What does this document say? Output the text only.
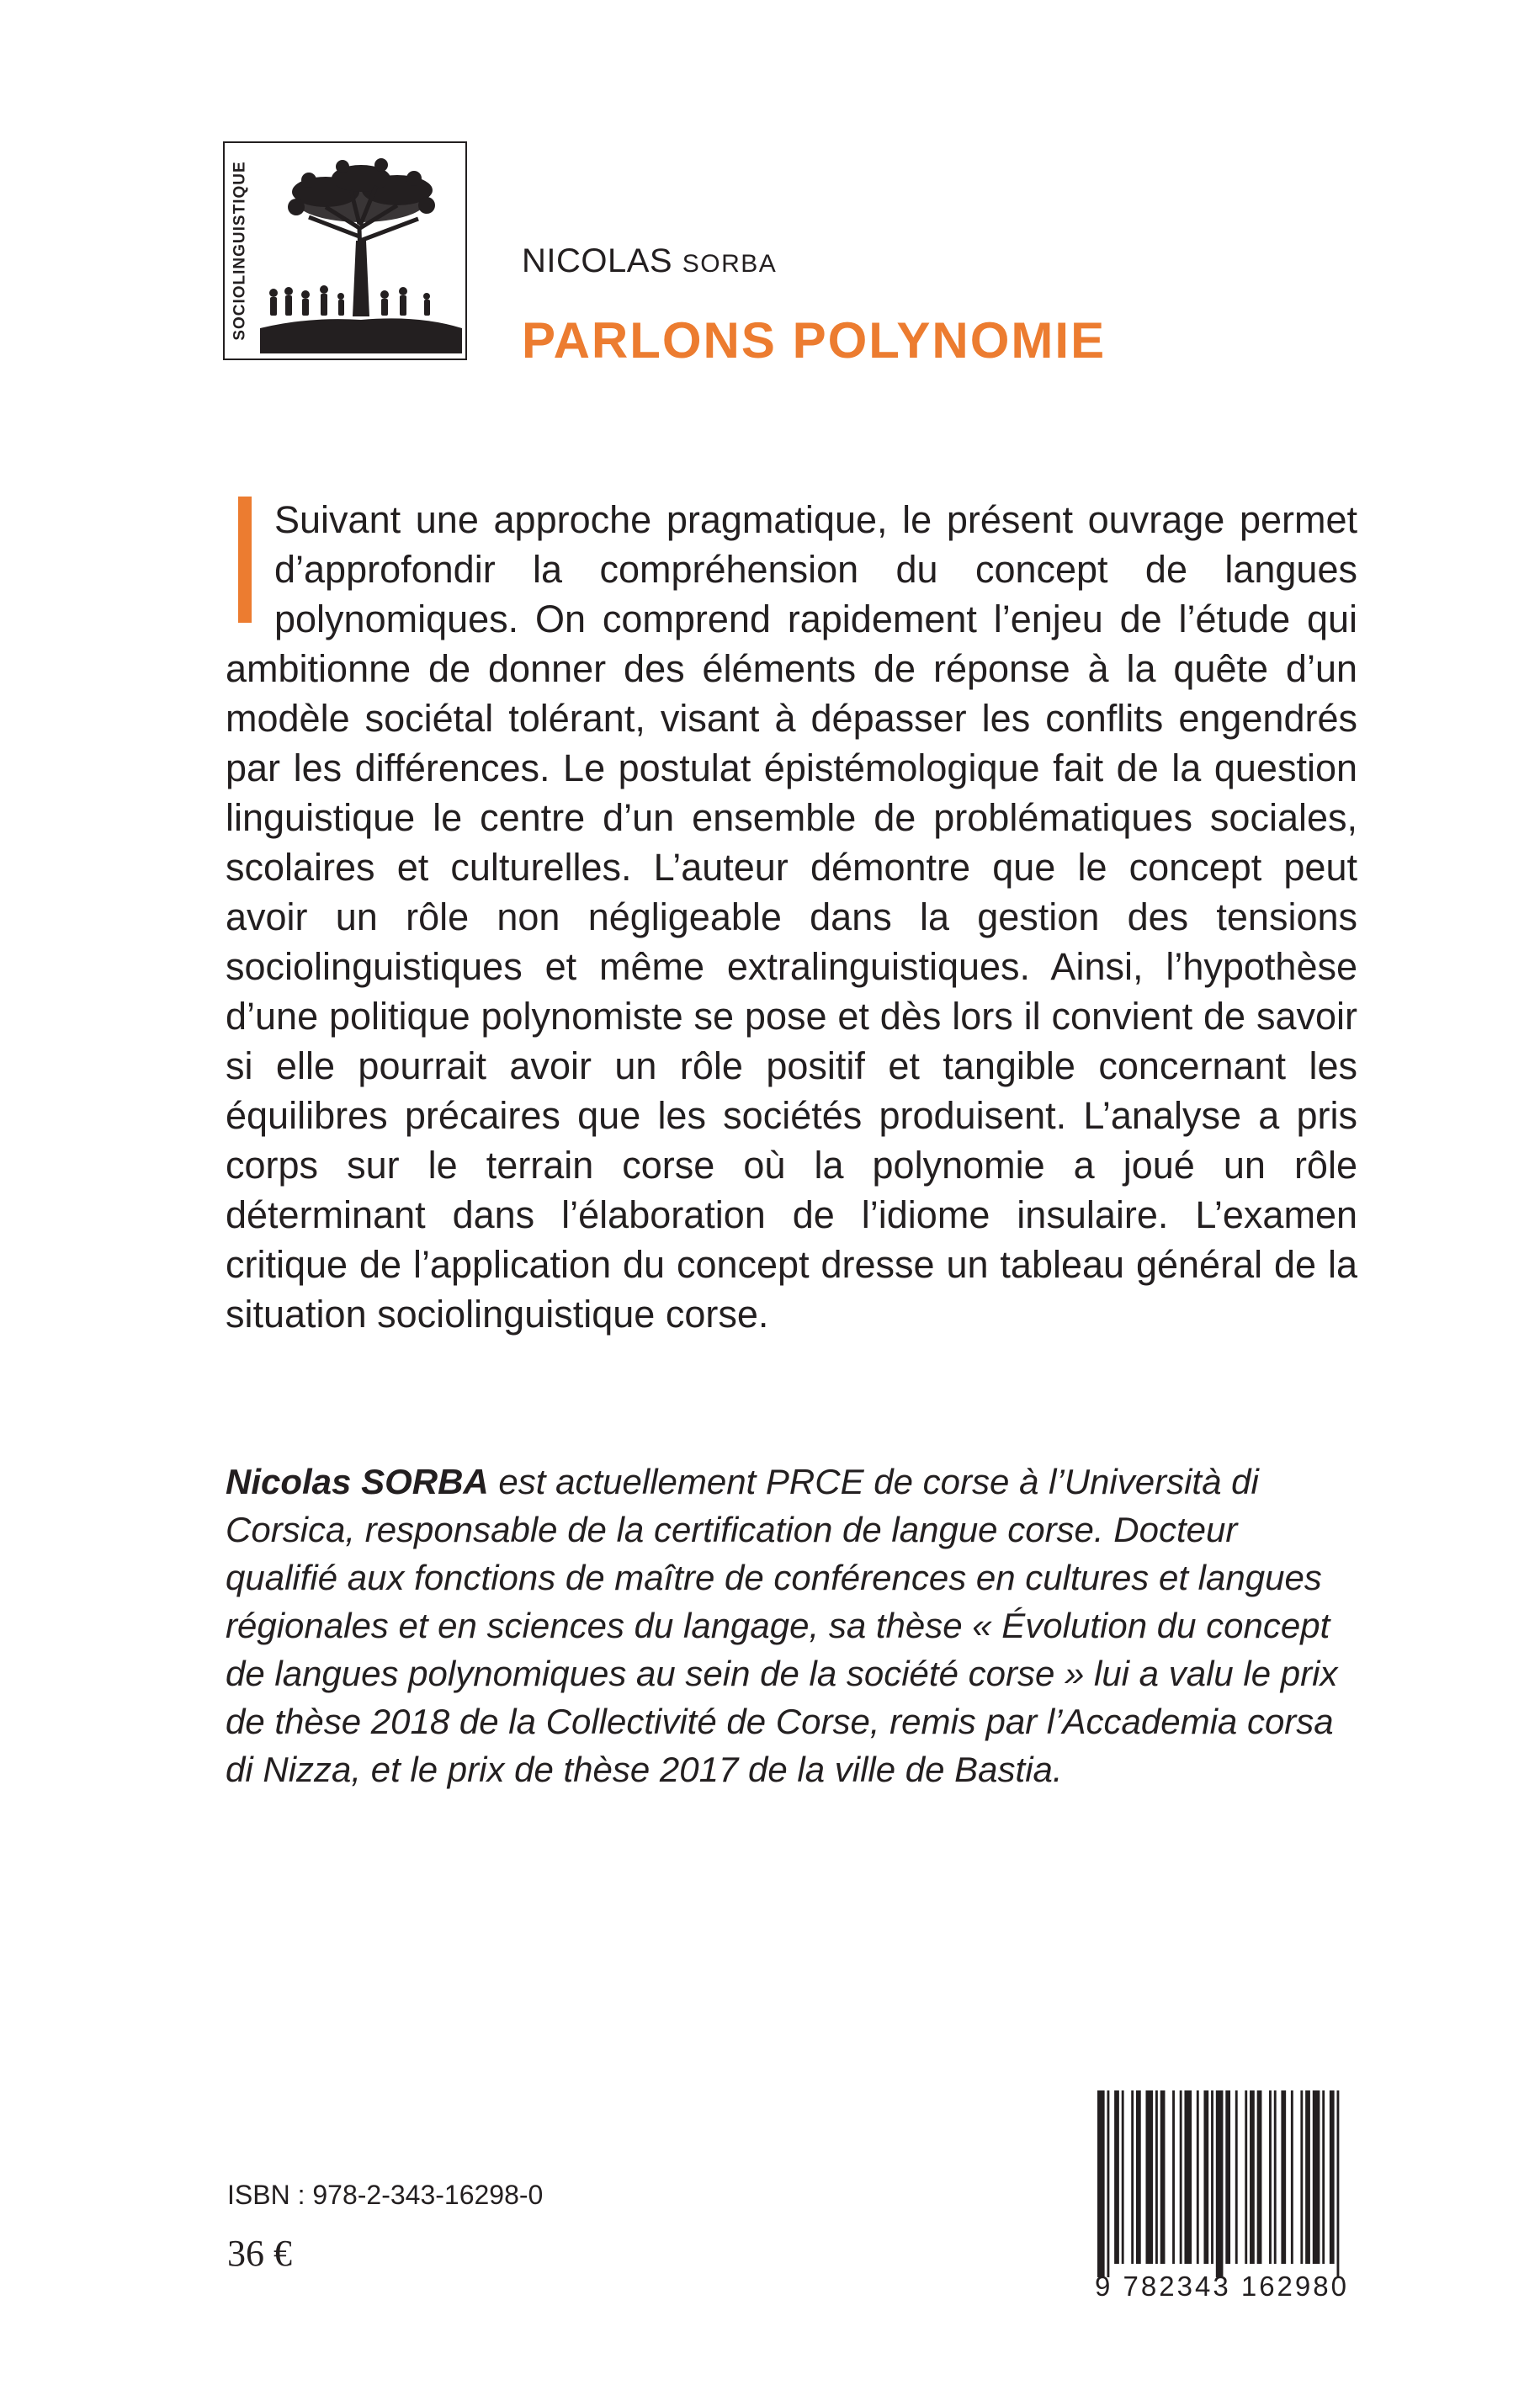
SOCIOLINGUISTIQUE	NICOLAS SORBA
PARLONS POLYNOMIE

Suivant une approche pragmatique, le présent ouvrage permet d’approfondir la compréhension du concept de langues polynomiques. On comprend rapidement l’enjeu de l’étude qui ambitionne de donner des éléments de réponse à la quête d’un modèle sociétal tolérant, visant à dépasser les conflits engendrés par les différences. Le postulat épistémologique fait de la question linguistique le centre d’un ensemble de problématiques sociales, scolaires et culturelles. L’auteur démontre que le concept peut avoir un rôle non négligeable dans la gestion des tensions sociolinguistiques et même extralinguistiques. Ainsi, l’hypothèse d’une politique polynomiste se pose et dès lors il convient de savoir si elle pourrait avoir un rôle positif et tangible concernant les équilibres précaires que les sociétés produisent. L’analyse a pris corps sur le terrain corse où la polynomie a joué un rôle déterminant dans l’élaboration de l’idiome insulaire. L’examen critique de l’application du concept dresse un tableau général de la situation sociolinguistique corse.

Nicolas SORBA est actuellement PRCE de corse à l’Università di Corsica, responsable de la certification de langue corse. Docteur qualifié aux fonctions de maître de conférences en cultures et langues régionales et en sciences du langage, sa thèse « Évolution du concept de langues polynomiques au sein de la société corse » lui a valu le prix de thèse 2018 de la Collectivité de Corse, remis par l’Accademia corsa di Nizza, et le prix de thèse 2017 de la ville de Bastia.

ISBN : 978-2-343-16298-0
36 €
9 782343 162980
